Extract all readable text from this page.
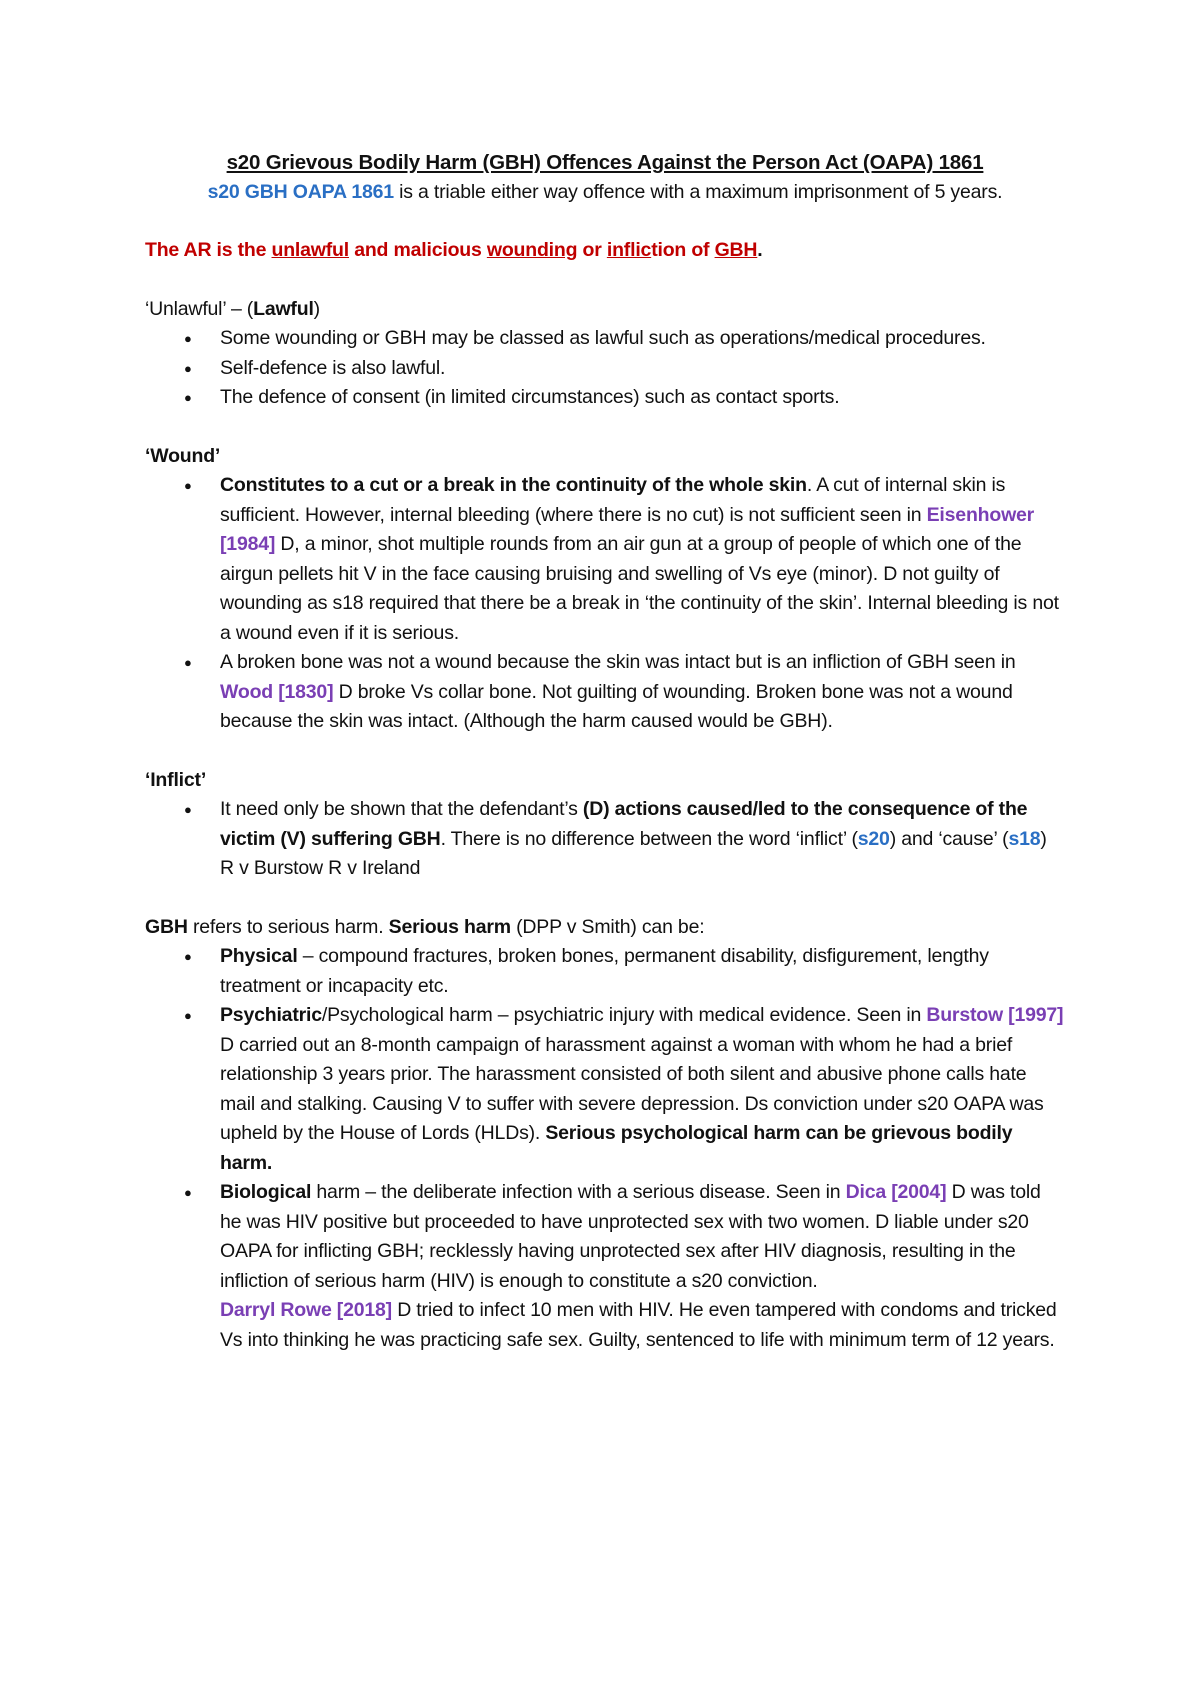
s20 Grievous Bodily Harm (GBH) Offences Against the Person Act (OAPA) 1861

s20 GBH OAPA 1861 is a triable either way offence with a maximum imprisonment of 5 years.

The AR is the unlawful and malicious wounding or infliction of GBH.

‘Unlawful’ – (Lawful)

● Some wounding or GBH may be classed as lawful such as operations/medical procedures.
● Self-defence is also lawful.
● The defence of consent (in limited circumstances) such as contact sports.

‘Wound’

● Constitutes to a cut or a break in the continuity of the whole skin. A cut of internal skin is sufficient. However, internal bleeding (where there is no cut) is not sufficient seen in Eisenhower [1984] D, a minor, shot multiple rounds from an air gun at a group of people of which one of the airgun pellets hit V in the face causing bruising and swelling of Vs eye (minor). D not guilty of wounding as s18 required that there be a break in ‘the continuity of the skin’. Internal bleeding is not a wound even if it is serious.
● A broken bone was not a wound because the skin was intact but is an infliction of GBH seen in Wood [1830] D broke Vs collar bone. Not guilting of wounding. Broken bone was not a wound because the skin was intact. (Although the harm caused would be GBH).

‘Inflict’

● It need only be shown that the defendant’s (D) actions caused/led to the consequence of the victim (V) suffering GBH. There is no difference between the word ‘inflict’ (s20) and ‘cause’ (s18) R v Burstow R v Ireland

GBH refers to serious harm. Serious harm (DPP v Smith) can be:

● Physical – compound fractures, broken bones, permanent disability, disfigurement, lengthy treatment or incapacity etc.
● Psychiatric/Psychological harm – psychiatric injury with medical evidence. Seen in Burstow [1997] D carried out an 8-month campaign of harassment against a woman with whom he had a brief relationship 3 years prior. The harassment consisted of both silent and abusive phone calls hate mail and stalking. Causing V to suffer with severe depression. Ds conviction under s20 OAPA was upheld by the House of Lords (HLDs). Serious psychological harm can be grievous bodily harm.
● Biological harm – the deliberate infection with a serious disease. Seen in Dica [2004] D was told he was HIV positive but proceeded to have unprotected sex with two women. D liable under s20 OAPA for inflicting GBH; recklessly having unprotected sex after HIV diagnosis, resulting in the infliction of serious harm (HIV) is enough to constitute a s20 conviction.
Darryl Rowe [2018] D tried to infect 10 men with HIV. He even tampered with condoms and tricked Vs into thinking he was practicing safe sex. Guilty, sentenced to life with minimum term of 12 years.
